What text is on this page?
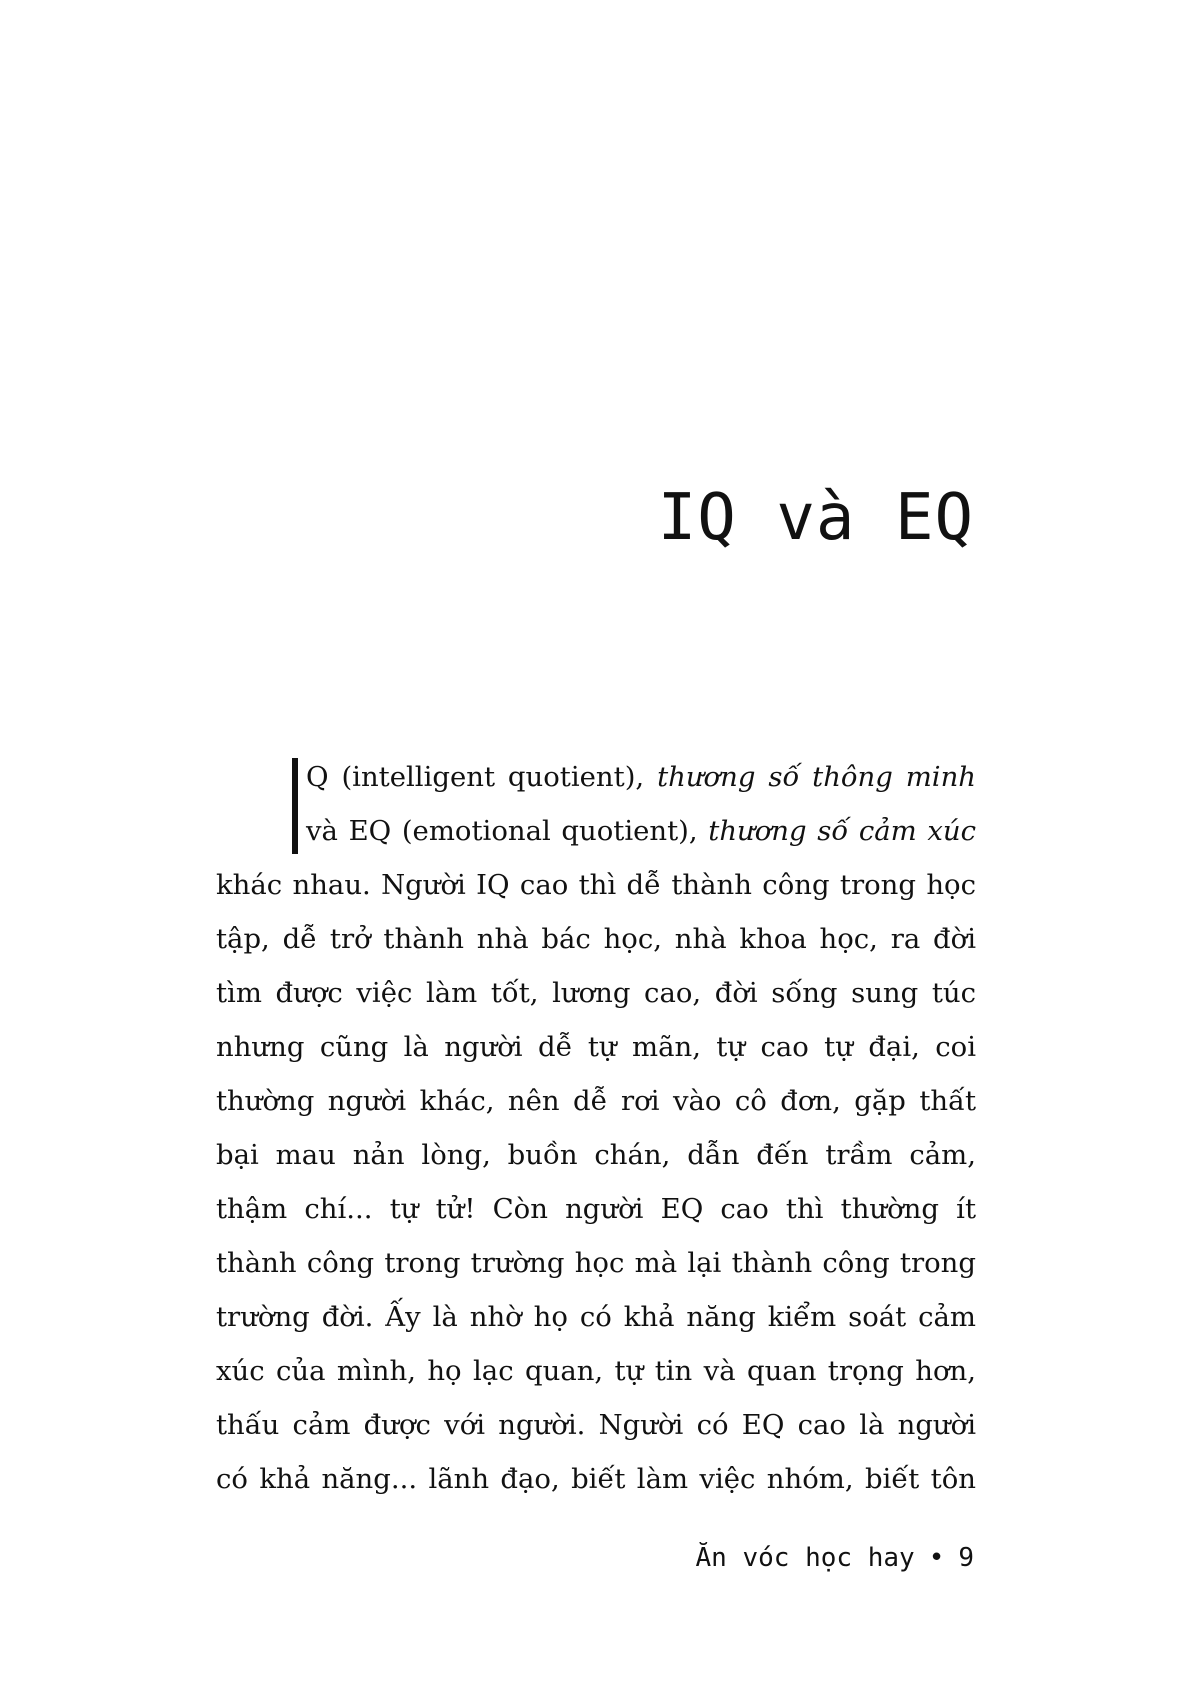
IQ và EQ
Q (intelligent quotient), thương số thông minh
và EQ (emotional quotient), thương số cảm xúc
khác nhau. Người IQ cao thì dễ thành công trong học
tập, dễ trở thành nhà bác học, nhà khoa học, ra đời
tìm được việc làm tốt, lương cao, đời sống sung túc
nhưng cũng là người dễ tự mãn, tự cao tự đại, coi
thường người khác, nên dễ rơi vào cô đơn, gặp thất
bại mau nản lòng, buồn chán, dẫn đến trầm cảm,
thậm chí... tự tử! Còn người EQ cao thì thường ít
thành công trong trường học mà lại thành công trong
trường đời. Ấy là nhờ họ có khả năng kiểm soát cảm
xúc của mình, họ lạc quan, tự tin và quan trọng hơn,
thấu cảm được với người. Người có EQ cao là người
có khả năng... lãnh đạo, biết làm việc nhóm, biết tôn
Ăn vóc học hay • 9
